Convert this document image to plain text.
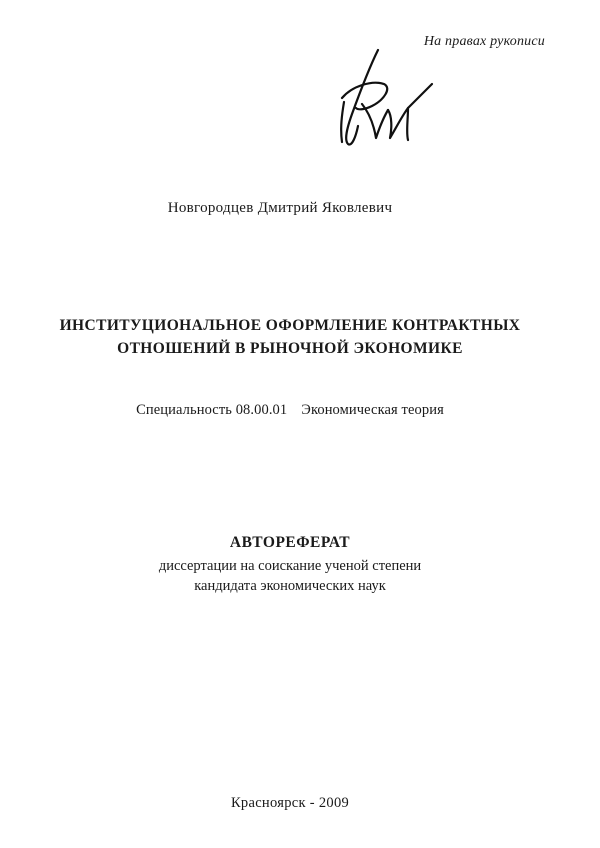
На правах рукописи
Новгородцев Дмитрий Яковлевич
ИНСТИТУЦИОНАЛЬНОЕ ОФОРМЛЕНИЕ КОНТРАКТНЫХ
ОТНОШЕНИЙ В РЫНОЧНОЙ ЭКОНОМИКЕ
Специальность 08.00.01 Экономическая теория
АВТОРЕФЕРАТ
диссертации на соискание ученой степени
кандидата экономических наук
Красноярск - 2009
